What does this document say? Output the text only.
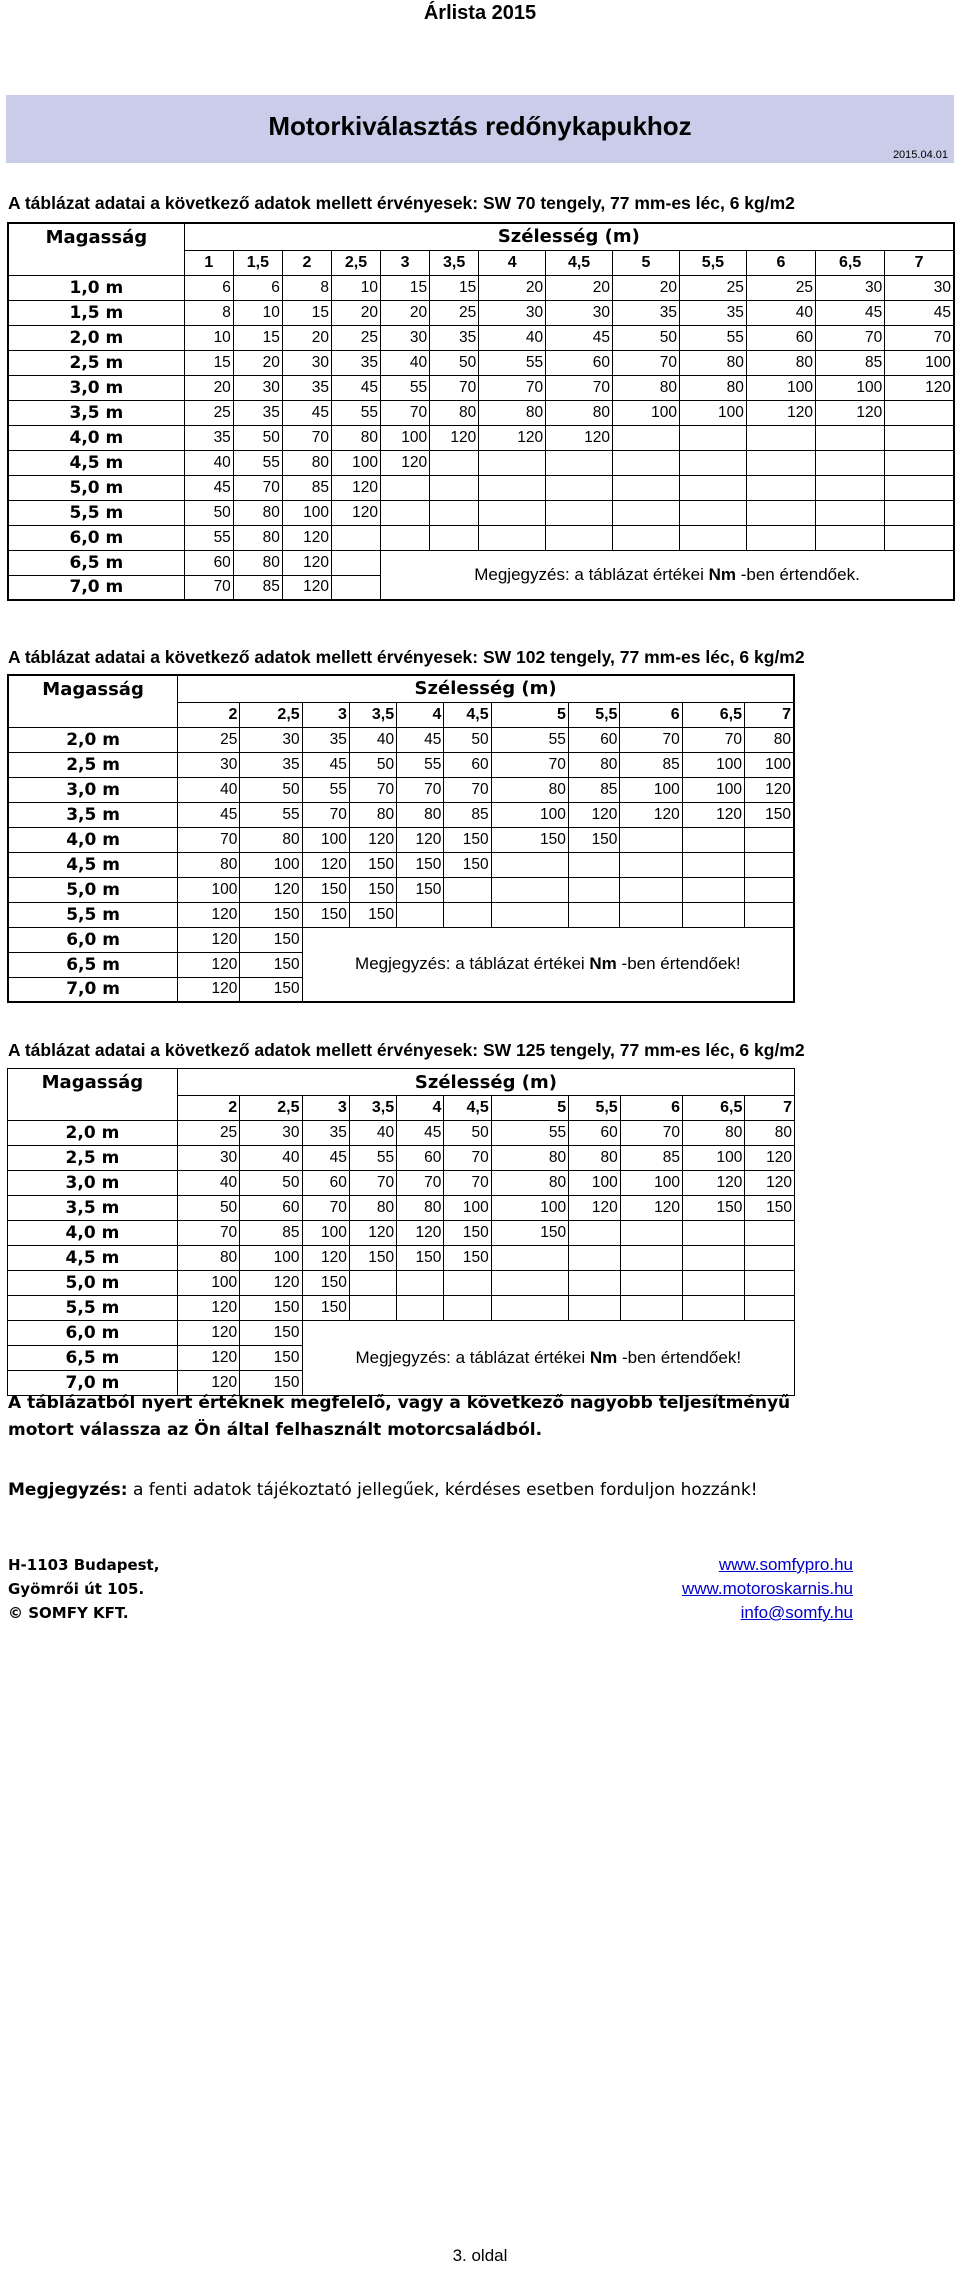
Árlista 2015
Motorkiválasztás redőnykapukhoz
2015.04.01
A táblázat adatai a következő adatok mellett érvényesek: SW 70 tengely, 77 mm-es léc, 6 kg/m2
Magasság	Szélesség (m)												
	1	1,5	2	2,5	3	3,5	4	4,5	5	5,5	6	6,5	7
1,0 m	6	6	8	10	15	15	20	20	20	25	25	30	30
1,5 m	8	10	15	20	20	25	30	30	35	35	40	45	45
2,0 m	10	15	20	25	30	35	40	45	50	55	60	70	70
2,5 m	15	20	30	35	40	50	55	60	70	80	80	85	100
3,0 m	20	30	35	45	55	70	70	70	80	80	100	100	120
3,5 m	25	35	45	55	70	80	80	80	100	100	120	120	
4,0 m	35	50	70	80	100	120	120	120					
4,5 m	40	55	80	100	120								
5,0 m	45	70	85	120									
5,5 m	50	80	100	120									
6,0 m	55	80	120										
6,5 m	60	80	120		Megjegyzés: a táblázat értékei Nm -ben értendőek.								
7,0 m	70	85	120										
A táblázat adatai a következő adatok mellett érvényesek: SW 102 tengely, 77 mm-es léc, 6 kg/m2
Magasság	Szélesség (m)										
	2	2,5	3	3,5	4	4,5	5	5,5	6	6,5	7
2,0 m	25	30	35	40	45	50	55	60	70	70	80
2,5 m	30	35	45	50	55	60	70	80	85	100	100
3,0 m	40	50	55	70	70	70	80	85	100	100	120
3,5 m	45	55	70	80	80	85	100	120	120	120	150
4,0 m	70	80	100	120	120	150	150	150			
4,5 m	80	100	120	150	150	150					
5,0 m	100	120	150	150	150						
5,5 m	120	150	150	150							
6,0 m	120	150	Megjegyzés: a táblázat értékei Nm -ben értendőek!								
6,5 m	120	150									
7,0 m	120	150									
A táblázat adatai a következő adatok mellett érvényesek: SW 125 tengely, 77 mm-es léc, 6 kg/m2
Magasság	Szélesség (m)										
	2	2,5	3	3,5	4	4,5	5	5,5	6	6,5	7
2,0 m	25	30	35	40	45	50	55	60	70	80	80
2,5 m	30	40	45	55	60	70	80	80	85	100	120
3,0 m	40	50	60	70	70	70	80	100	100	120	120
3,5 m	50	60	70	80	80	100	100	120	120	150	150
4,0 m	70	85	100	120	120	150	150				
4,5 m	80	100	120	150	150	150					
5,0 m	100	120	150								
5,5 m	120	150	150								
6,0 m	120	150	Megjegyzés: a táblázat értékei Nm -ben értendőek!								
6,5 m	120	150									
7,0 m	120	150									
A táblázatból nyert értéknek megfelelő, vagy a következő nagyobb teljesítményű
motort válassza az Ön által felhasznált motorcsaládból.
Megjegyzés: a fenti adatok tájékoztató jellegűek, kérdéses esetben forduljon hozzánk!
H-1103 Budapest,
Gyömrői út 105.
© SOMFY KFT.
www.somfypro.hu
www.motoroskarnis.hu
info@somfy.hu
3. oldal
